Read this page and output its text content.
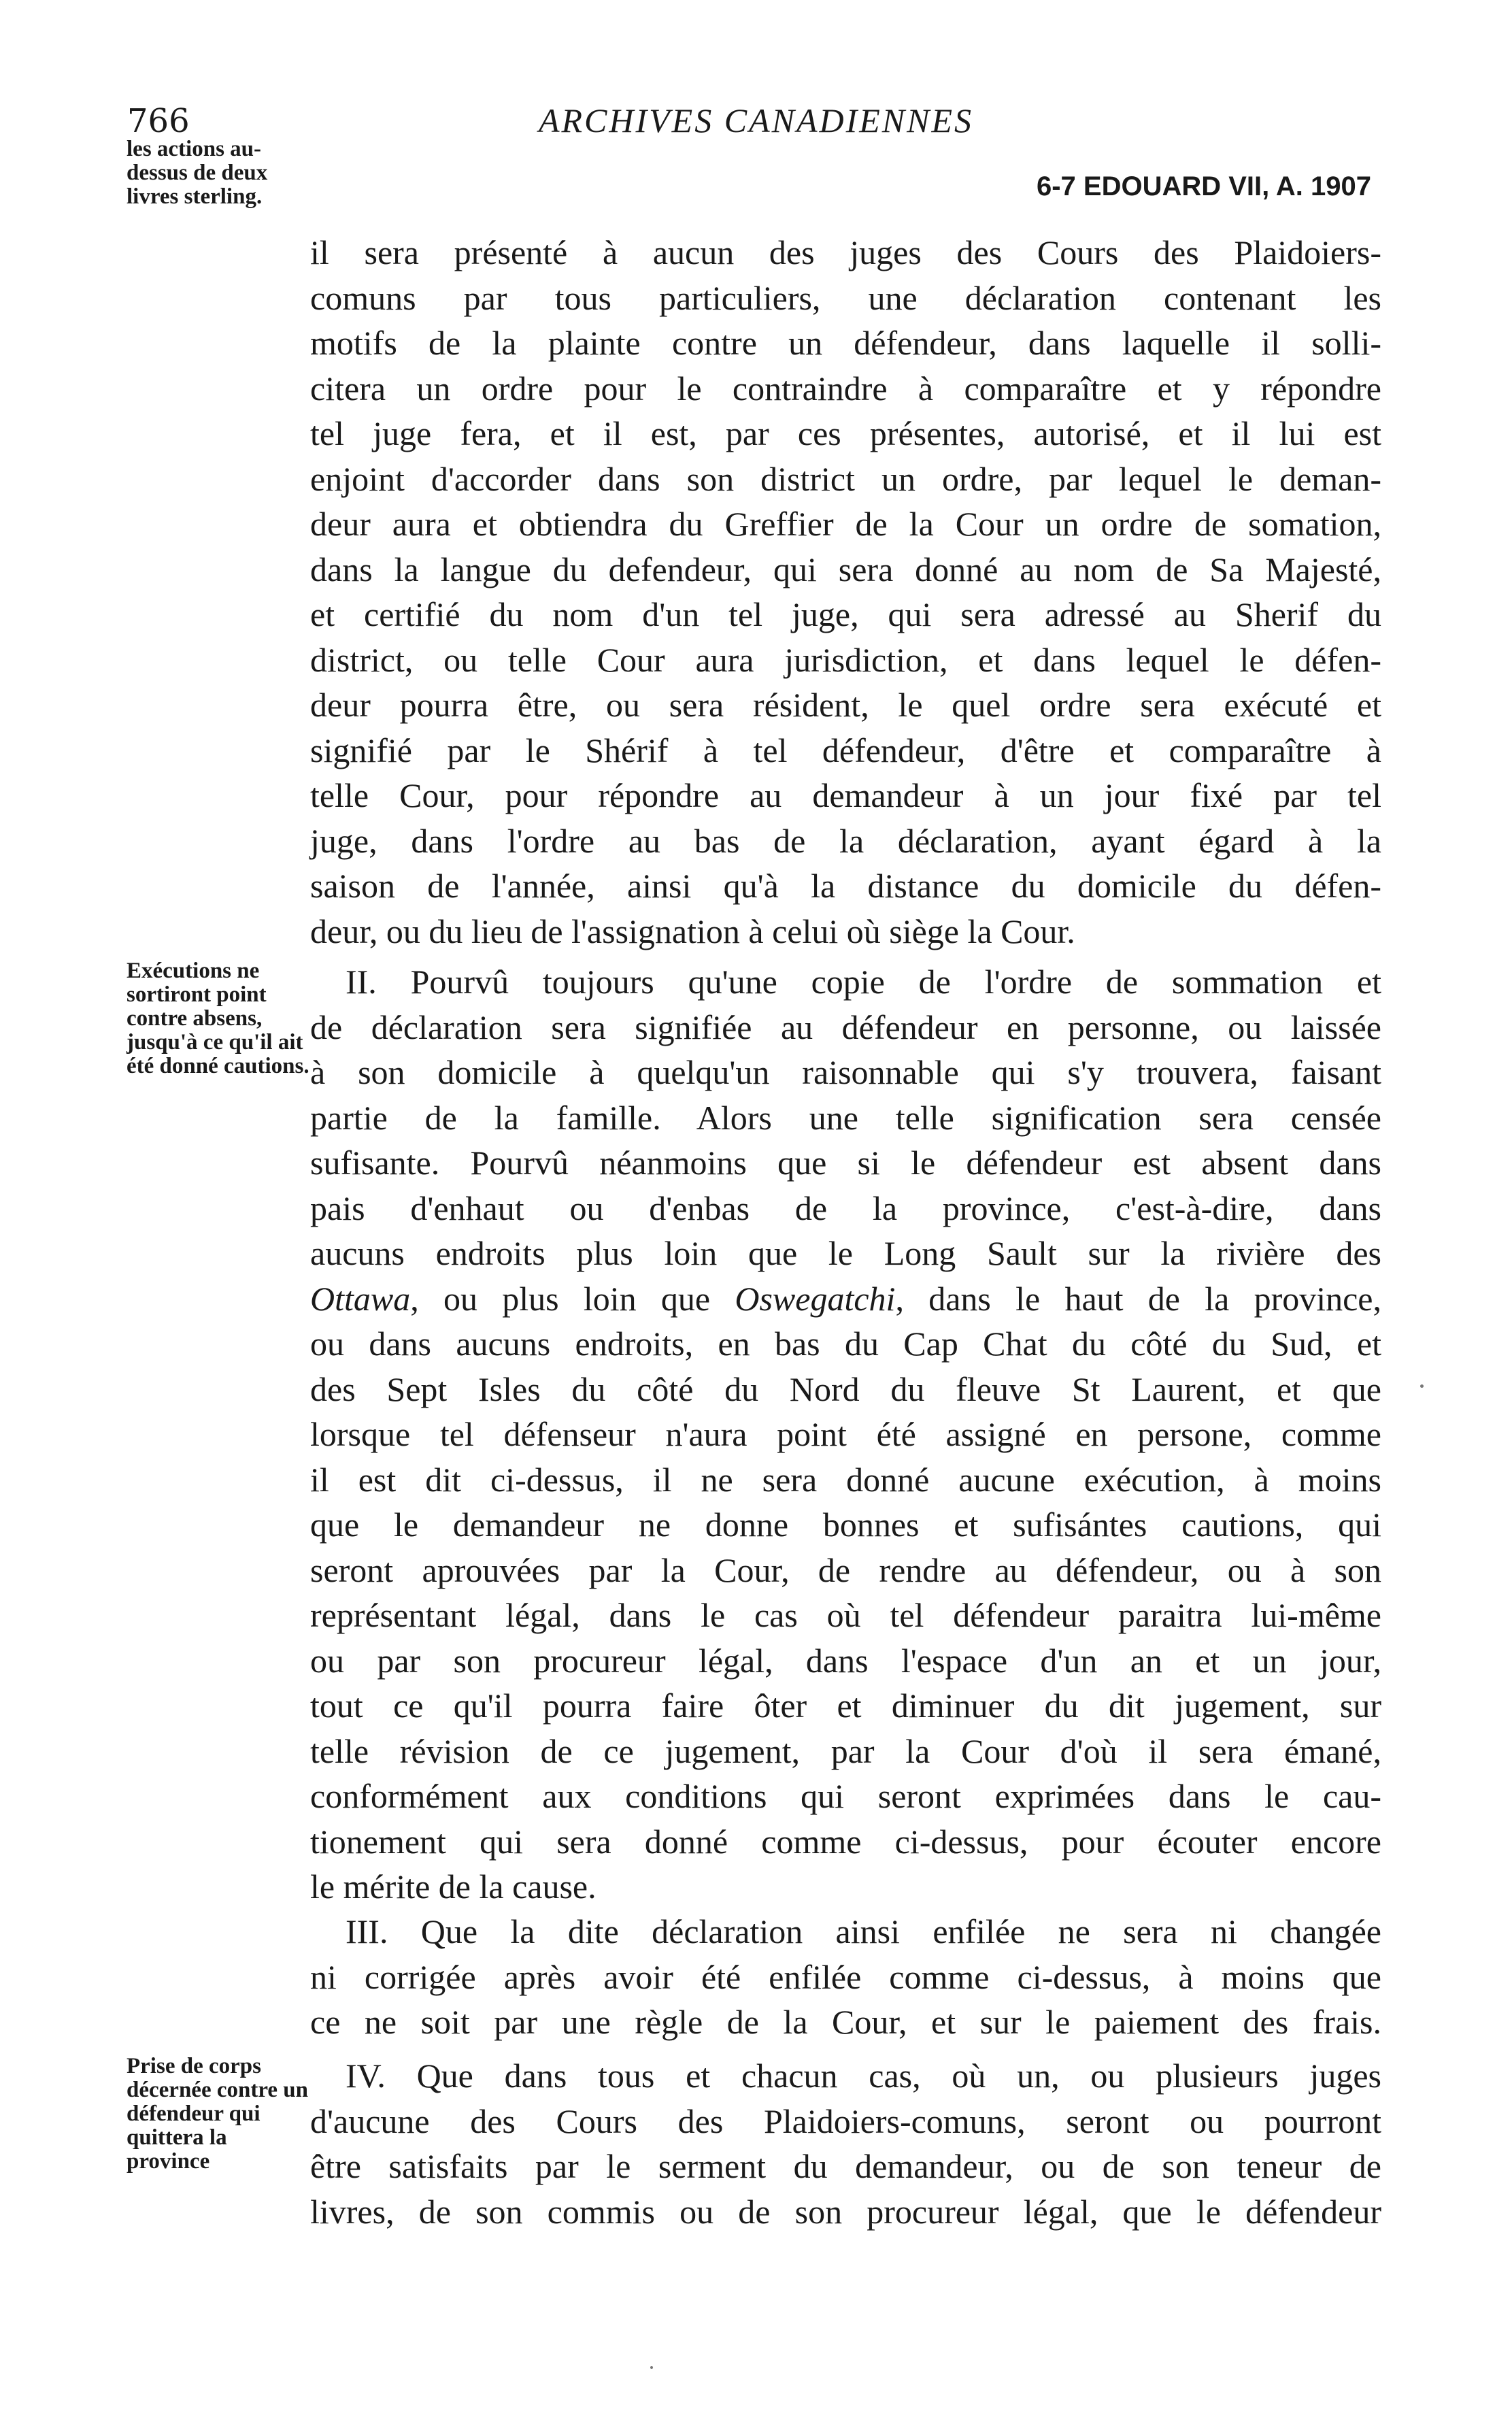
766	ARCHIVES CANADIENNES
6-7 EDOUARD VII, A. 1907
les actions au-dessus de deux livres sterling.
Exécutions ne sortiront point contre absens, jusqu'à ce qu'il ait été donné cautions.
Prise de corps décernée contre un défendeur qui quittera la province
il sera présenté à aucun des juges des Cours des Plaidoiers-
comuns par tous particuliers, une déclaration contenant les
motifs de la plainte contre un défendeur, dans laquelle il solli-
citera un ordre pour le contraindre à comparaître et y répondre
tel juge fera, et il est, par ces présentes, autorisé, et il lui est
enjoint d'accorder dans son district un ordre, par lequel le deman-
deur aura et obtiendra du Greffier de la Cour un ordre de somation,
dans la langue du defendeur, qui sera donné au nom de Sa Majesté,
et certifié du nom d'un tel juge, qui sera adressé au Sherif du
district, ou telle Cour aura jurisdiction, et dans lequel le défen-
deur pourra être, ou sera résident, le quel ordre sera exécuté et
signifié par le Shérif à tel défendeur, d'être et comparaître à
telle Cour, pour répondre au demandeur à un jour fixé par tel
juge, dans l'ordre au bas de la déclaration, ayant égard à la
saison de l'année, ainsi qu'à la distance du domicile du défen-
deur, ou du lieu de l'assignation à celui où siège la Cour.
II. Pourvû toujours qu'une copie de l'ordre de sommation et
de déclaration sera signifiée au défendeur en personne, ou laissée
à son domicile à quelqu'un raisonnable qui s'y trouvera, faisant
partie de la famille. Alors une telle signification sera censée
sufisante. Pourvû néanmoins que si le défendeur est absent dans
pais d'enhaut ou d'enbas de la province, c'est-à-dire, dans
aucuns endroits plus loin que le Long Sault sur la rivière des
Ottawa, ou plus loin que Oswegatchi, dans le haut de la province,
ou dans aucuns endroits, en bas du Cap Chat du côté du Sud, et
des Sept Isles du côté du Nord du fleuve St Laurent, et que
lorsque tel défenseur n'aura point été assigné en persone, comme
il est dit ci-dessus, il ne sera donné aucune exécution, à moins
que le demandeur ne donne bonnes et sufisántes cautions, qui
seront aprouvées par la Cour, de rendre au défendeur, ou à son
représentant légal, dans le cas où tel défendeur paraitra lui-même
ou par son procureur légal, dans l'espace d'un an et un jour,
tout ce qu'il pourra faire ôter et diminuer du dit jugement, sur
telle révision de ce jugement, par la Cour d'où il sera émané,
conformément aux conditions qui seront exprimées dans le cau-
tionement qui sera donné comme ci-dessus, pour écouter encore
le mérite de la cause.
III. Que la dite déclaration ainsi enfilée ne sera ni changée
ni corrigée après avoir été enfilée comme ci-dessus, à moins que
ce ne soit par une règle de la Cour, et sur le paiement des frais.
IV. Que dans tous et chacun cas, où un, ou plusieurs juges
d'aucune des Cours des Plaidoiers-comuns, seront ou pourront
être satisfaits par le serment du demandeur, ou de son teneur de
livres, de son commis ou de son procureur légal, que le défendeur
